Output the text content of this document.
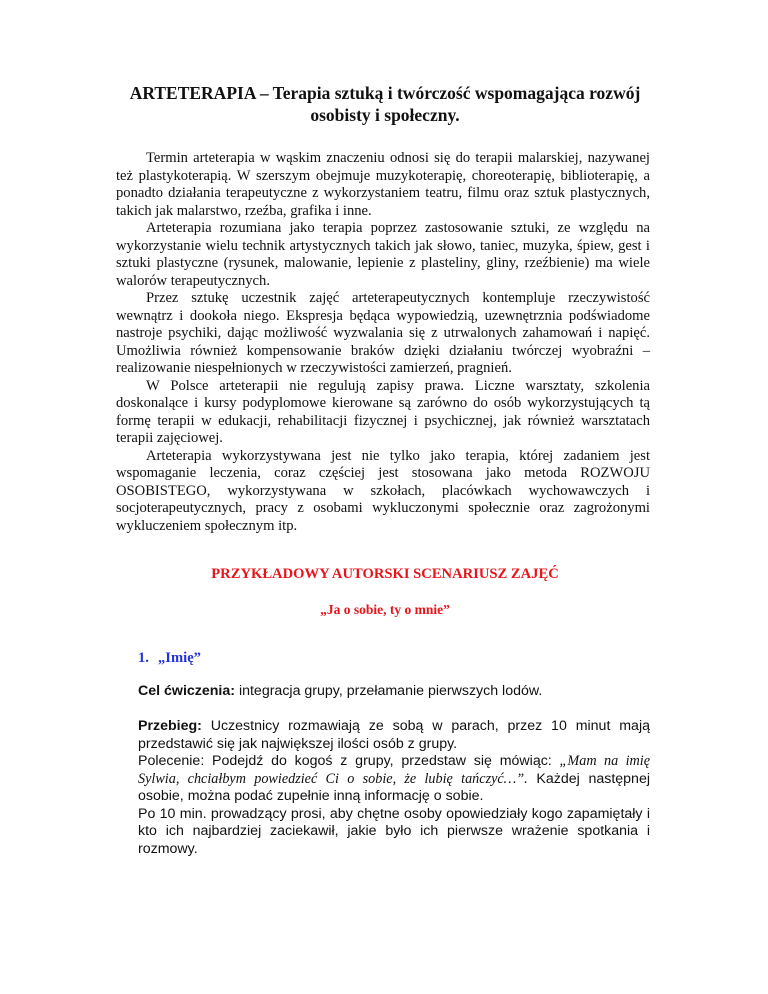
ARTETERAPIA – Terapia sztuką i twórczość wspomagająca rozwój
osobisty i społeczny.

Termin arteterapia w wąskim znaczeniu odnosi się do terapii malarskiej, nazywanej też plastykoterapią. W szerszym obejmuje muzykoterapię, choreoterapię, biblioterapię, a ponadto działania terapeutyczne z wykorzystaniem teatru, filmu oraz sztuk plastycznych, takich jak malarstwo, rzeźba, grafika i inne.

Arteterapia rozumiana jako terapia poprzez zastosowanie sztuki, ze względu na wykorzystanie wielu technik artystycznych takich jak słowo, taniec, muzyka, śpiew, gest i sztuki plastyczne (rysunek, malowanie, lepienie z plasteliny, gliny, rzeźbienie) ma wiele walorów terapeutycznych.

Przez sztukę uczestnik zajęć arteterapeutycznych kontempluje rzeczywistość wewnątrz i dookoła niego. Ekspresja będąca wypowiedzią, uzewnętrznia podświadome nastroje psychiki, dając możliwość wyzwalania się z utrwalonych zahamowań i napięć. Umożliwia również kompensowanie braków dzięki działaniu twórczej wyobraźni – realizowanie niespełnionych w rzeczywistości zamierzeń, pragnień.

W Polsce arteterapii nie regulują zapisy prawa. Liczne warsztaty, szkolenia doskonalące i kursy podyplomowe kierowane są zarówno do osób wykorzystujących tą formę terapii w edukacji, rehabilitacji fizycznej i psychicznej, jak również warsztatach terapii zajęciowej.

Arteterapia wykorzystywana jest nie tylko jako terapia, której zadaniem jest wspomaganie leczenia, coraz częściej jest stosowana jako metoda ROZWOJU OSOBISTEGO, wykorzystywana w szkołach, placówkach wychowawczych i socjoterapeutycznych, pracy z osobami wykluczonymi społecznie oraz zagrożonymi wykluczeniem społecznym itp.

PRZYKŁADOWY AUTORSKI SCENARIUSZ ZAJĘĆ
„Ja o sobie, ty o mnie”
1. „Imię”
Cel ćwiczenia: integracja grupy, przełamanie pierwszych lodów.

Przebieg: Uczestnicy rozmawiają ze sobą w parach, przez 10 minut mają przedstawić się jak największej ilości osób z grupy.

Polecenie: Podejdź do kogoś z grupy, przedstaw się mówiąc: „Mam na imię Sylwia, chciałbym powiedzieć Ci o sobie, że lubię tańczyć…”. Każdej następnej osobie, można podać zupełnie inną informację o sobie.

Po 10 min. prowadzący prosi, aby chętne osoby opowiedziały kogo zapamiętały i kto ich najbardziej zaciekawił, jakie było ich pierwsze wrażenie spotkania i rozmowy.
